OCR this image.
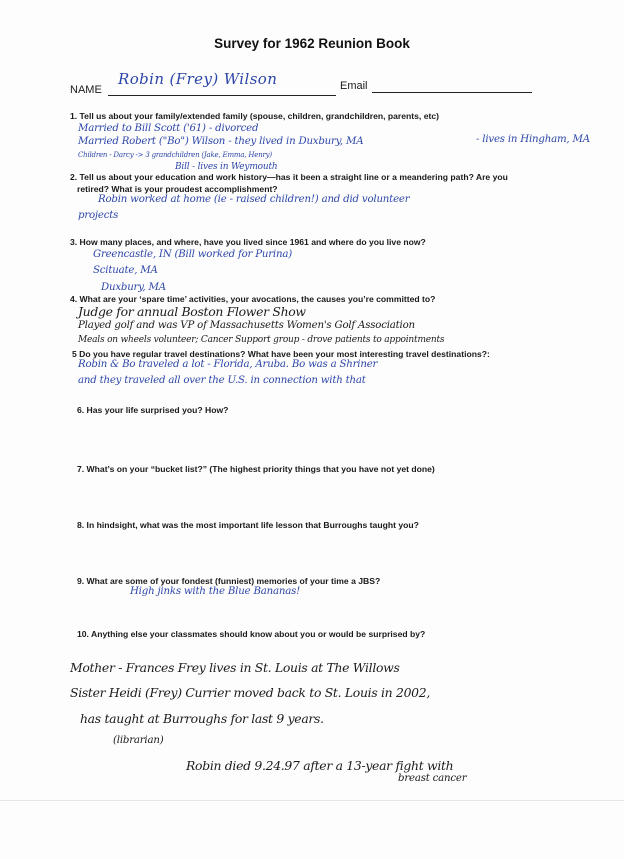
Survey for 1962 Reunion Book
NAME
Robin (Frey) Wilson	Email
1. Tell us about your family/extended family (spouse, children, grandchildren, parents, etc)
Married to Bill Scott ('61) - divorced
Married Robert ("Bo") Wilson - they lived in Duxbury, MA	- lives in Hingham, MA
Children - Darcy -> 3 grandchildren (Jake, Emma, Henry)
Bill - lives in Weymouth
2. Tell us about your education and work history—has it been a straight line or a meandering path? Are you
retired? What is your proudest accomplishment?
Robin worked at home (ie - raised children!) and did volunteer
projects
3. How many places, and where, have you lived since 1961 and where do you live now?
Greencastle, IN (Bill worked for Purina)
Scituate, MA
Duxbury, MA
4. What are your ‘spare time’ activities, your avocations, the causes you’re committed to?
Judge for annual Boston Flower Show
Played golf and was VP of Massachusetts Women's Golf Association
Meals on wheels volunteer; Cancer Support group - drove patients to appointments
5 Do you have regular travel destinations? What have been your most interesting travel destinations?:
Robin & Bo traveled a lot - Florida, Aruba. Bo was a Shriner
and they traveled all over the U.S. in connection with that
6. Has your life surprised you? How?
7. What’s on your “bucket list?” (The highest priority things that you have not yet done)
8. In hindsight, what was the most important life lesson that Burroughs taught you?
9. What are some of your fondest (funniest) memories of your time a JBS?
High jinks with the Blue Bananas!
10. Anything else your classmates should know about you or would be surprised by?
Mother - Frances Frey lives in St. Louis at The Willows
Sister Heidi (Frey) Currier moved back to St. Louis in 2002,
has taught at Burroughs for last 9 years.
(librarian)
Robin died 9.24.97 after a 13-year fight with
breast cancer
